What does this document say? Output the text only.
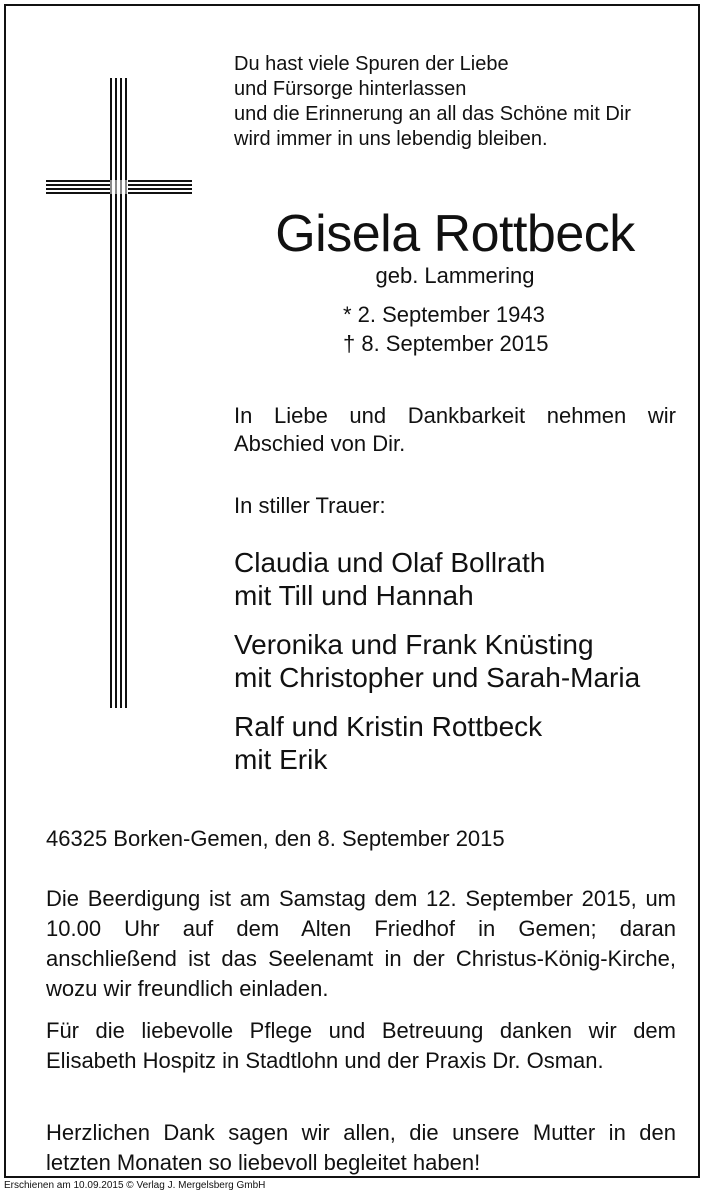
Du hast viele Spuren der Liebe
und Fürsorge hinterlassen
und die Erinnerung an all das Schöne mit Dir
wird immer in uns lebendig bleiben.
Gisela Rottbeck
geb. Lammering
* 2. September 1943
† 8. September 2015
In Liebe und Dankbarkeit nehmen wir Abschied von Dir.
In stiller Trauer:
Claudia und Olaf Bollrath
mit Till und Hannah
Veronika und Frank Knüsting
mit Christopher und Sarah-Maria
Ralf und Kristin Rottbeck
mit Erik
46325 Borken-Gemen, den 8. September 2015
Die Beerdigung ist am Samstag dem 12. September 2015, um 10.00 Uhr auf dem Alten Friedhof in Gemen; daran anschließend ist das Seelenamt in der Christus-König-Kirche, wozu wir freundlich einladen.
Für die liebevolle Pflege und Betreuung danken wir dem Elisabeth Hospitz in Stadtlohn und der Praxis Dr. Osman.
Herzlichen Dank sagen wir allen, die unsere Mutter in den letzten Monaten so liebevoll begleitet haben!
Erschienen am 10.09.2015 © Verlag J. Mergelsberg GmbH
